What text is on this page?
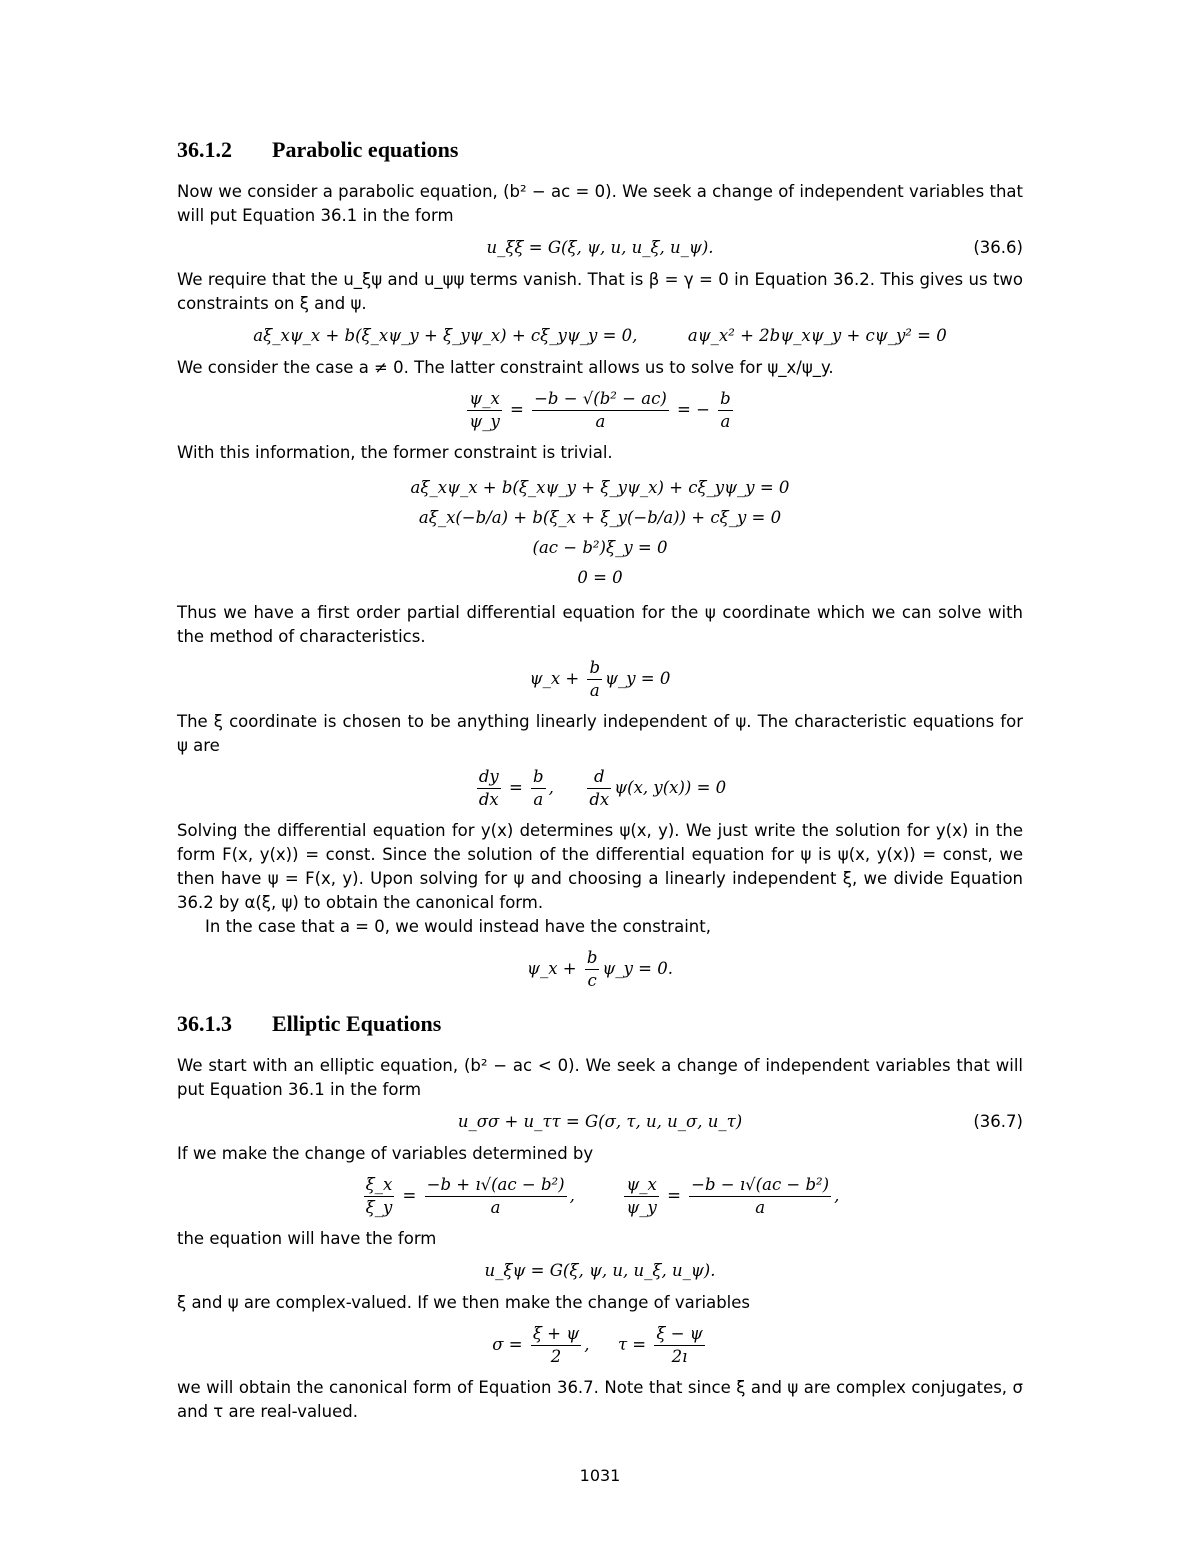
36.1.2 Parabolic equations

Now we consider a parabolic equation, (b² − ac = 0). We seek a change of independent variables that will put Equation 36.1 in the form

u_ξξ = G(ξ, ψ, u, u_ξ, u_ψ).	(36.6)

We require that the u_ξψ and u_ψψ terms vanish. That is β = γ = 0 in Equation 36.2. This gives us two constraints on ξ and ψ.

aξ_xψ_x + b(ξ_xψ_y + ξ_yψ_x) + cξ_yψ_y = 0,	aψ_x² + 2bψ_xψ_y + cψ_y² = 0

We consider the case a ≠ 0. The latter constraint allows us to solve for ψ_x/ψ_y.

$\frac{\psi\_x}{\psi\_y} = \frac{\text{−b − √(b² − ac)}}{a}$ = − $\frac{b}{a}$

With this information, the former constraint is trivial.

aξ_xψ_x + b(ξ_xψ_y + ξ_yψ_x) + cξ_yψ_y = 0
aξ_x(−b/a) + b(ξ_x + ξ_y(−b/a)) + cξ_y = 0
(ac − b²)ξ_y = 0
0 = 0

Thus we have a first order partial differential equation for the ψ coordinate which we can solve with the method of characteristics.

ψ_x + $\frac{b}{a}$ ψ_y = 0

The ξ coordinate is chosen to be anything linearly independent of ψ. The characteristic equations for ψ are

$\frac{dy}{dx} = \frac{b}{a}$ , $\frac{d}{dx} \psi(x$, y(x)) = 0

Solving the differential equation for y(x) determines ψ(x, y). We just write the solution for y(x) in the form F(x, y(x)) = const. Since the solution of the differential equation for ψ is ψ(x, y(x)) = const, we then have ψ = F(x, y). Upon solving for ψ and choosing a linearly independent ξ, we divide Equation 36.2 by α(ξ, ψ) to obtain the canonical form.

In the case that a = 0, we would instead have the constraint,

ψ_x + $\frac{b}{c}$ ψ_y = 0.
36.1.3 Elliptic Equations

We start with an elliptic equation, (b² − ac < 0). We seek a change of independent variables that will put Equation 36.1 in the form

u_σσ + u_ττ = G(σ, τ, u, u_σ, u_τ)	(36.7)

If we make the change of variables determined by

$\frac{\xi\_x}{\xi\_y} = \frac{\text{−b + ı√(ac − b²)}}{a}$ ,	$\frac{\psi\_x}{\psi\_y} = \frac{\text{−b − ı√(ac − b²)}}{a}$ ,

the equation will have the form

u_ξψ = G(ξ, ψ, u, u_ξ, u_ψ).

ξ and ψ are complex-valued. If we then make the change of variables

$\sigma = \frac{\xi + \psi}{2}$ ,  $\tau = \frac{\xi - \psi}{2ı}$

we will obtain the canonical form of Equation 36.7. Note that since ξ and ψ are complex conjugates, σ and τ are real-valued.

1031
